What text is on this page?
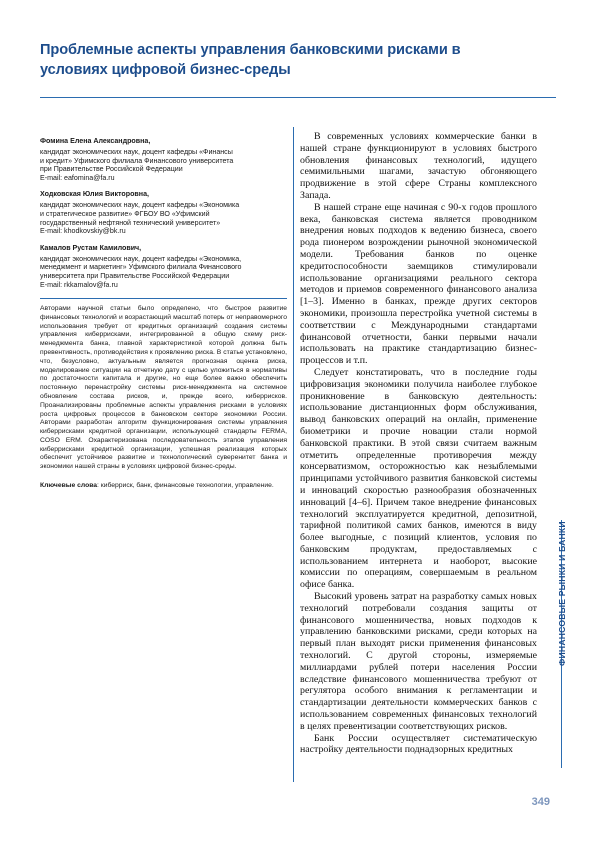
Проблемные аспекты управления банковскими рисками в условиях цифровой бизнес-среды
Фомина Елена Александровна,
кандидат экономических наук, доцент кафедры «Финансы
и кредит» Уфимского филиала Финансового университета
при Правительстве Российской Федерации
E-mail: eafomina@fa.ru
Ходковская Юлия Викторовна,
кандидат экономических наук, доцент кафедры «Экономика
и стратегическое развитие» ФГБОУ ВО «Уфимский
государственный нефтяной технический университет»
E-mail: khodkovskiy@bk.ru
Камалов Рустам Камилович,
кандидат экономических наук, доцент кафедры «Экономика,
менеджмент и маркетинг» Уфимского филиала Финансового
университета при Правительстве Российской Федерации
E-mail: rkkamalov@fa.ru
Авторами научной статьи было определено, что быстрое развитие финансовых технологий и возрастающий масштаб потерь от неправомерного использования требует от кредитных организаций создания системы управления киберрисками, интегрированной в общую схему риск-менеджмента банка, главной характеристикой которой должна быть превентивность, противодействия к проявлению риска. В статье установлено, что, безусловно, актуальным является прогнозная оценка риска, моделирование ситуации на отчетную дату с целью уложиться в нормативы по достаточности капитала и другие, но еще более важно обеспечить постоянную перенастройку системы риск-менеджмента на системное обновление состава рисков, и, прежде всего, киберрисков. Проанализированы проблемные аспекты управления рисками в условиях роста цифровых процессов в банковском секторе экономики России. Авторами разработан алгоритм функционирования системы управления киберрисками кредитной организации, использующей стандарты FERMA, COSO ERM. Охарактеризована последовательность этапов управления киберрисками кредитной организации, успешная реализация которых обеспечит устойчивое развитие и технологический суверенитет банка и экономики нашей страны в условиях цифровой бизнес-среды.
Ключевые слова: киберриск, банк, финансовые технологии, управление.

В современных условиях коммерческие банки в нашей стране функционируют в условиях быстрого обновления финансовых технологий, идущего семимильными шагами, зачастую обгоняющего продвижение в этой сфере Страны комплексного Запада.

В нашей стране еще начиная с 90-х годов прошлого века, банковская система является проводником внедрения новых подходов к ведению бизнеса, своего рода пионером возрождении рыночной экономической модели. Требования банков по оценке кредитоспособности заемщиков стимулировали использование организациями реального сектора методов и приемов современного финансового анализа [1–3]. Именно в банках, прежде других секторов экономики, произошла перестройка учетной системы в соответствии с Международными стандартами финансовой отчетности, банки первыми начали использовать на практике стандартизацию бизнес-процессов и т.п.

Следует констатировать, что в последние годы цифровизация экономики получила наиболее глубокое проникновение в банковскую деятельность: использование дистанционных форм обслуживания, вывод банковских операций на онлайн, применение биометрики и прочие новации стали нормой банковской практики. В этой связи считаем важным отметить определенные противоречия между консерватизмом, осторожностью как незыблемыми принципами устойчивого развития банковской системы и инноваций скоростью разнообразия обозначенных инноваций [4–6]. Причем такое внедрение финансовых технологий эксплуатируется кредитной, депозитной, тарифной политикой самих банков, имеются в виду более выгодные, с позиций клиентов, условия по банковским продуктам, предоставляемых с использованием интернета и наоборот, высокие комиссии по операциям, совершаемым в реальном офисе банка.

Высокий уровень затрат на разработку самых новых технологий потребовали создания защиты от финансового мошенничества, новых подходов к управлению банковскими рисками, среди которых на первый план выходят риски применения финансовых технологий. С другой стороны, измеряемые миллиардами рублей потери населения России вследствие финансового мошенничества требуют от регулятора особого внимания к регламентации и стандартизации деятельности коммерческих банков с использованием современных финансовых технологий в целях превентизации соответствующих рисков.

Банк России осуществляет систематическую настройку деятельности поднадзорных кредитных

ФИНАНСОВЫЕ РЫНКИ И БАНКИ
349
